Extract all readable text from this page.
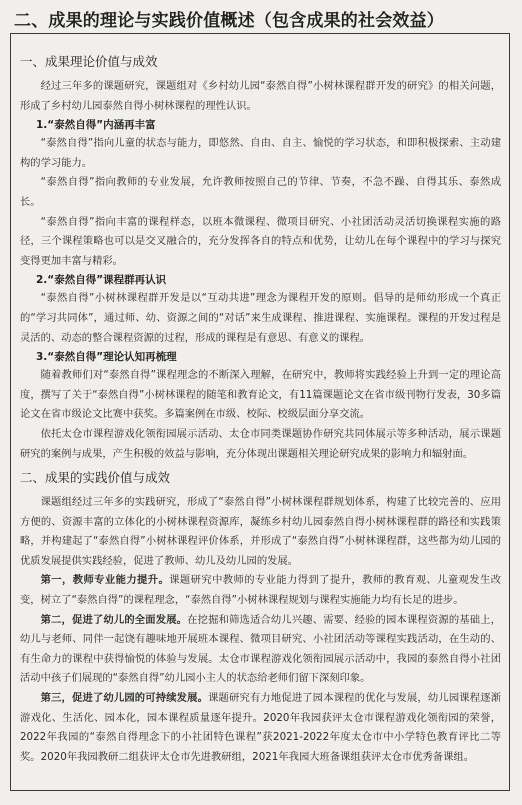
二、成果的理论与实践价值概述（包含成果的社会效益）
一、成果理论价值与成效

经过三年多的课题研究，课题组对《乡村幼儿园“泰然自得”小树林课程群开发的研究》的相关问题，形成了乡村幼儿园泰然自得小树林课程的理性认识。

1.“泰然自得”内涵再丰富

“泰然自得”指向儿童的状态与能力，即悠然、自由、自主、愉悦的学习状态，和即积极探索、主动建构的学习能力。

“泰然自得”指向教师的专业发展，允许教师按照自己的节律、节奏，不急不躁、自得其乐、泰然成长。

“泰然自得”指向丰富的课程样态，以班本微课程、微项目研究、小社团活动灵活切换课程实施的路径，三个课程策略也可以是交叉融合的，充分发挥各自的特点和优势，让幼儿在每个课程中的学习与探究变得更加丰富与精彩。

2.“泰然自得”课程群再认识

“泰然自得”小树林课程群开发是以“互动共进”理念为课程开发的原则。倡导的是师幼形成一个真正的“学习共同体”，通过师、幼、资源之间的“对话”来生成课程、推进课程、实施课程。课程的开发过程是灵活的、动态的整合课程资源的过程，形成的课程是有意思、有意义的课程。

3.“泰然自得”理论认知再梳理

随着教师们对“泰然自得”课程理念的不断深入理解，在研究中，教师将实践经验上升到一定的理论高度，撰写了关于“泰然自得”小树林课程的随笔和教育论文，有11篇课题论文在省市级刊物行发表，30多篇论文在省市级论文比赛中获奖。多篇案例在市级、校际、校级层面分享交流。

依托太仓市课程游戏化领衔园展示活动、太仓市同类课题协作研究共同体展示等多种活动，展示课题研究的案例与成果，产生积极的效益与影响，充分体现出课题相关理论研究成果的影响力和辐射面。

二、成果的实践价值与成效

课题组经过三年多的实践研究，形成了“泰然自得”小树林课程群规划体系，构建了比较完善的、应用方便的、资源丰富的立体化的小树林课程资源库，凝练乡村幼儿园泰然自得小树林课程群的路径和实践策略，并构建起了“泰然自得”小树林课程评价体系，并形成了“泰然自得”小树林课程群，这些都为幼儿园的优质发展提供实践经验，促进了教师、幼儿及幼儿园的发展。

第一，教师专业能力提升。课题研究中教师的专业能力得到了提升，教师的教育观、儿童观发生改变，树立了“泰然自得”的课程理念，“泰然自得”小树林课程规划与课程实施能力均有长足的进步。

第二，促进了幼儿的全面发展。在挖掘和筛选适合幼儿兴趣、需要、经验的园本课程资源的基础上，幼儿与老师、同伴一起饶有趣味地开展班本课程、微项目研究、小社团活动等课程实践活动，在生动的、有生命力的课程中获得愉悦的体验与发展。太仓市课程游戏化领衔园展示活动中，我园的泰然自得小社团活动中孩子们展现的“泰然自得”幼儿园小主人的状态给老师们留下深刻印象。

第三，促进了幼儿园的可持续发展。课题研究有力地促进了园本课程的优化与发展，幼儿园课程逐渐游戏化、生活化、园本化，园本课程质量逐年提升。2020年我园获评太仓市课程游戏化领衔园的荣誉，2022年我园的“泰然自得理念下的小社团特色课程”获2021-2022年度太仓市中小学特色教育评比二等奖。2020年我园教研二组获评太仓市先进教研组，2021年我园大班备课组获评太仓市优秀备课组。
